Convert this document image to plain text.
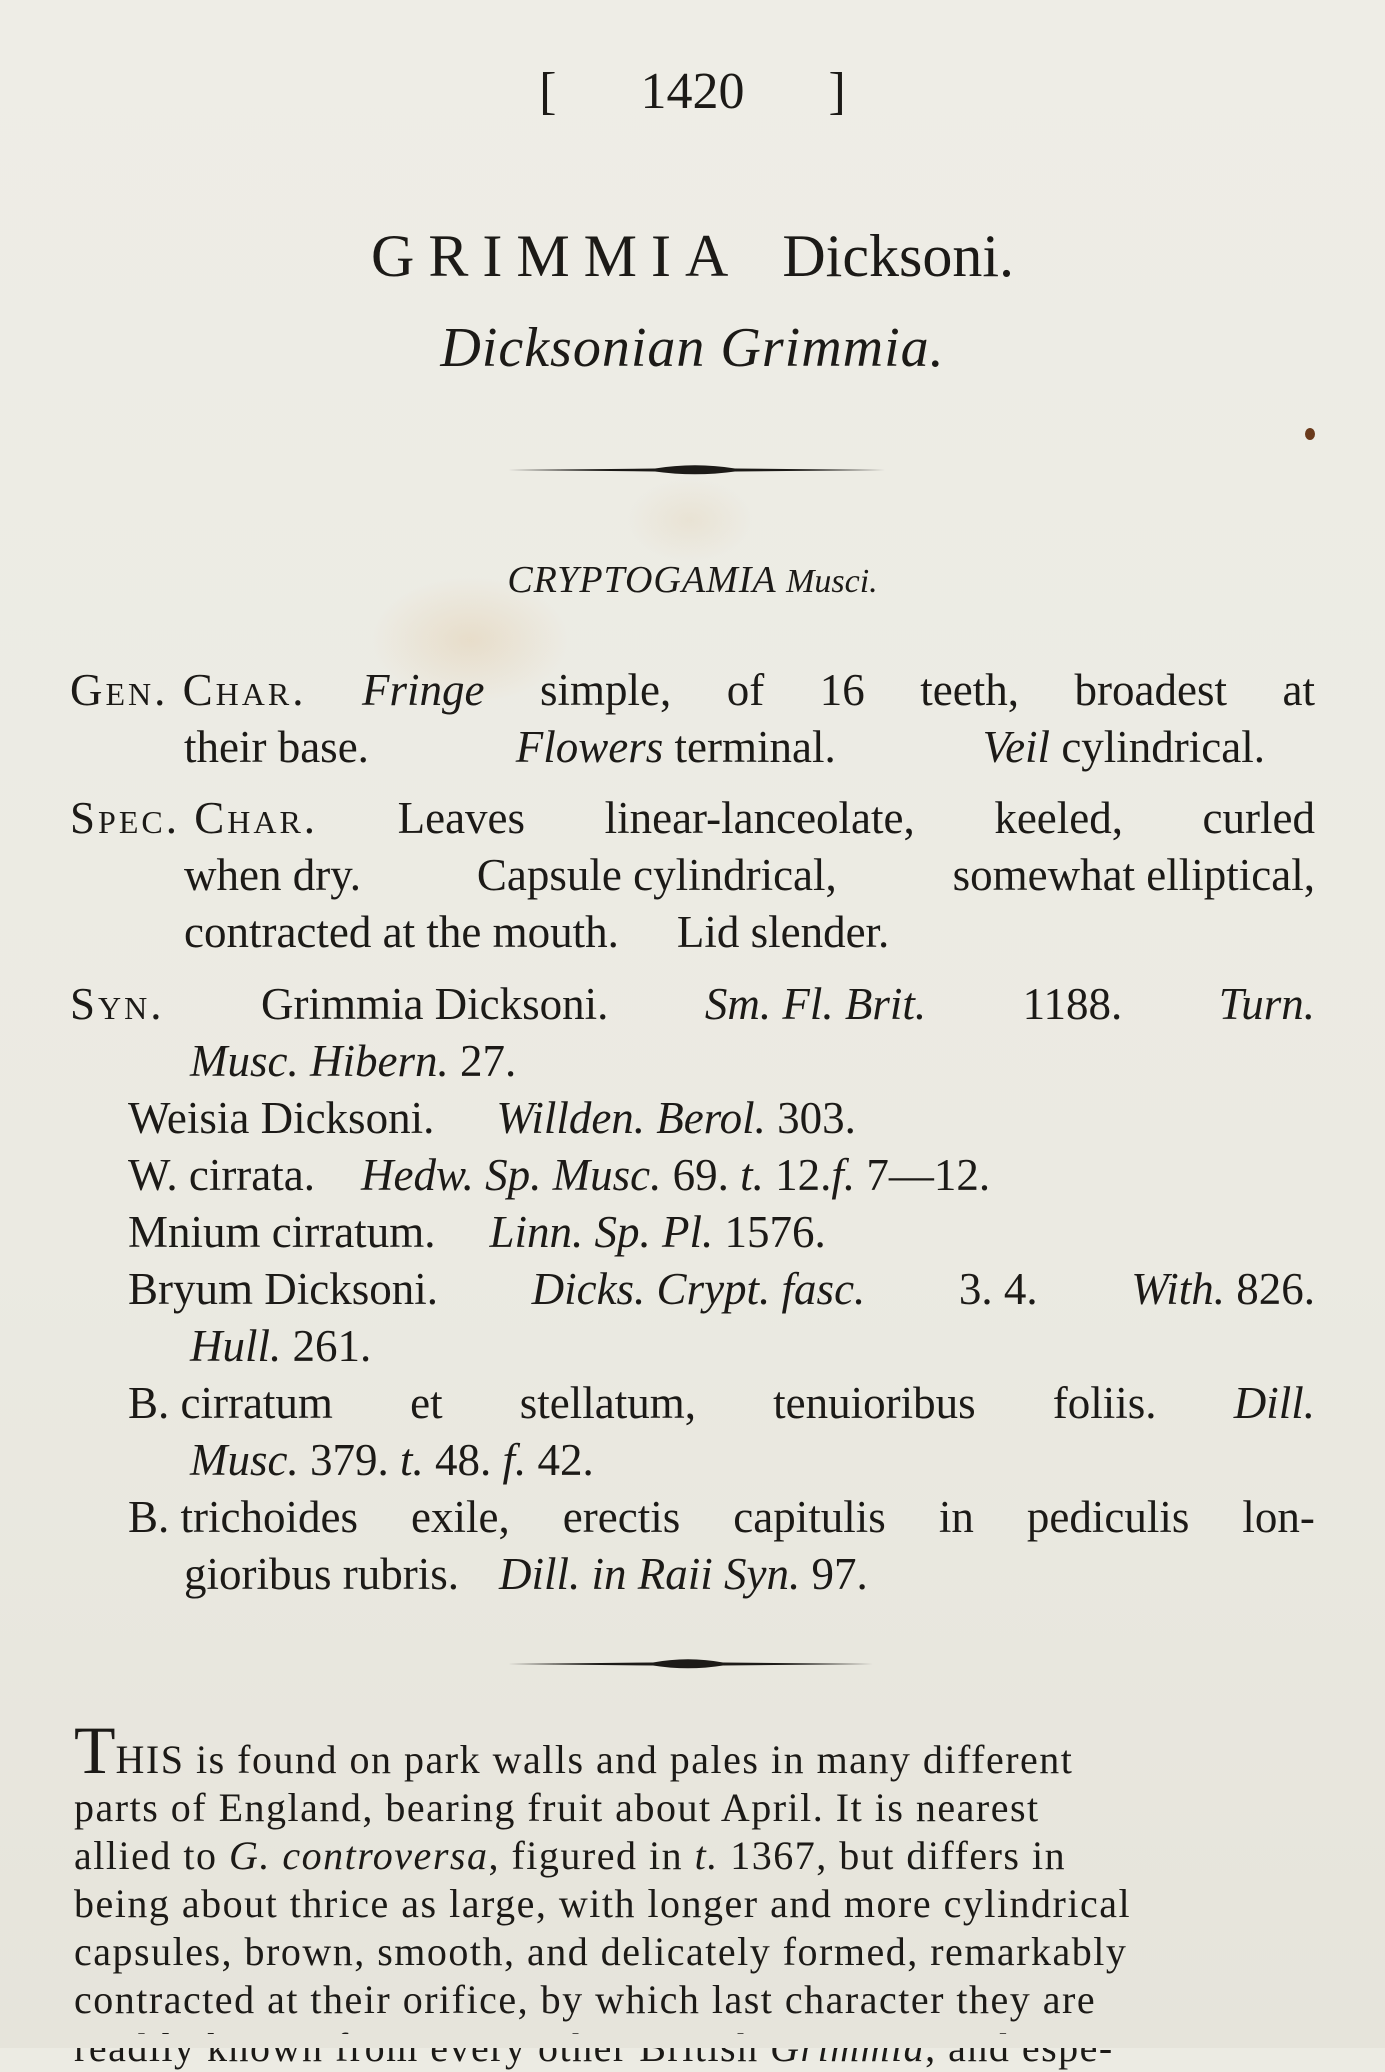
[ 1420 ]
GRIMMIA Dicksoni.
Dicksonian Grimmia.
CRYPTOGAMIA Musci.
Gen. Char. Fringe simple, of 16 teeth, broadest at
their base.	Flowers terminal.	Veil cylindrical.
Spec. Char. Leaves linear-lanceolate, keeled, curled
when dry.	Capsule cylindrical,	somewhat elliptical,
contracted at the mouth. Lid slender.
Syn. Grimmia Dicksoni. Sm. Fl. Brit. 1188. Turn.
Musc. Hibern.
27.
Weisia Dicksoni. Willden. Berol.
303.
W. cirrata. Hedw. Sp. Musc.
69.
t.
12. f.
7—12.
Mnium cirratum. Linn. Sp. Pl.
1576.
Bryum Dicksoni. Dicks. Crypt. fasc. 3. 4. With. 826.
Hull.
261.
B. cirratum et stellatum, tenuioribus foliis. Dill.
Musc.
379.
t.
48.
f.
42.
B. trichoides exile, erectis capitulis in pediculis lon-
gioribus rubris. Dill. in Raii Syn.
97.
THIS is found on park walls and pales in many different
parts of England, bearing fruit about April. It is nearest
allied to G. controversa, figured in t. 1367, but differs in
being about thrice as large, with longer and more cylindrical
capsules, brown, smooth, and delicately formed, remarkably
contracted at their orifice, by which last character they are
